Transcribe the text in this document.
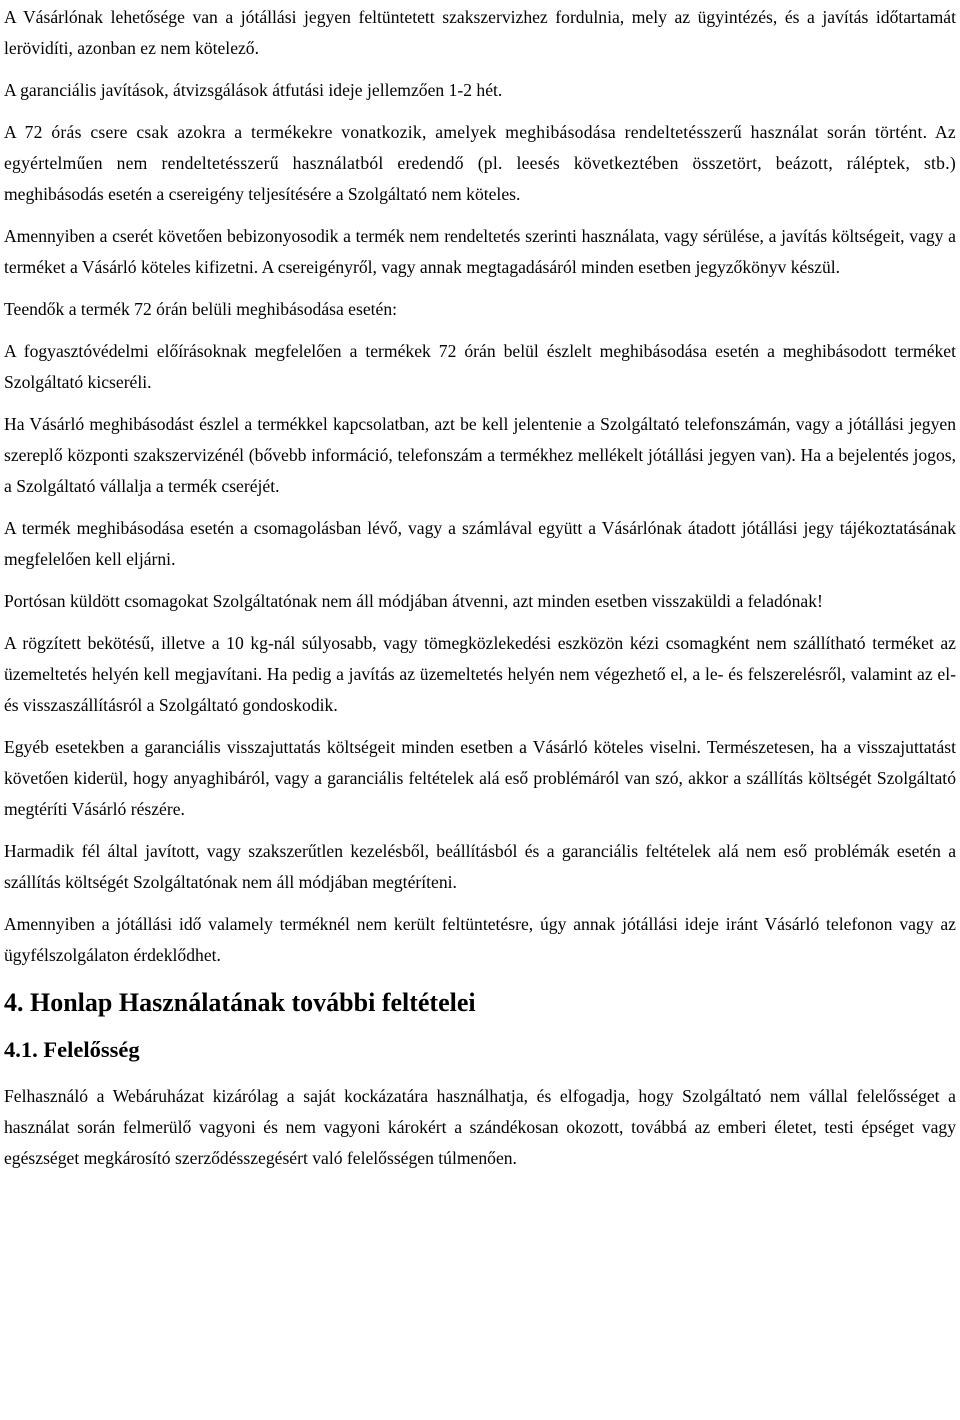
A Vásárlónak lehetősége van a jótállási jegyen feltüntetett szakszervizhez fordulnia, mely az ügyintézés, és a javítás időtartamát lerövidíti, azonban ez nem kötelező.

A garanciális javítások, átvizsgálások átfutási ideje jellemzően 1-2 hét.

A 72 órás csere csak azokra a termékekre vonatkozik, amelyek meghibásodása rendeltetésszerű használat során történt. Az egyértelműen nem rendeltetésszerű használatból eredendő (pl. leesés következtében összetört, beázott, ráléptek, stb.) meghibásodás esetén a csereigény teljesítésére a Szolgáltató nem köteles.

Amennyiben a cserét követően bebizonyosodik a termék nem rendeltetés szerinti használata, vagy sérülése, a javítás költségeit, vagy a terméket a Vásárló köteles kifizetni. A csereigényről, vagy annak megtagadásáról minden esetben jegyzőkönyv készül.

Teendők a termék 72 órán belüli meghibásodása esetén:

A fogyasztóvédelmi előírásoknak megfelelően a termékek 72 órán belül észlelt meghibásodása esetén a meghibásodott terméket Szolgáltató kicseréli.

Ha Vásárló meghibásodást észlel a termékkel kapcsolatban, azt be kell jelentenie a Szolgáltató telefonszámán, vagy a jótállási jegyen szereplő központi szakszervizénél (bővebb információ, telefonszám a termékhez mellékelt jótállási jegyen van). Ha a bejelentés jogos, a Szolgáltató vállalja a termék cseréjét.

A termék meghibásodása esetén a csomagolásban lévő, vagy a számlával együtt a Vásárlónak átadott jótállási jegy tájékoztatásának megfelelően kell eljárni.

Portósan küldött csomagokat Szolgáltatónak nem áll módjában átvenni, azt minden esetben visszaküldi a feladónak!

A rögzített bekötésű, illetve a 10 kg-nál súlyosabb, vagy tömegközlekedési eszközön kézi csomagként nem szállítható terméket az üzemeltetés helyén kell megjavítani. Ha pedig a javítás az üzemeltetés helyén nem végezhető el, a le- és felszerelésről, valamint az el- és visszaszállításról a Szolgáltató gondoskodik.

Egyéb esetekben a garanciális visszajuttatás költségeit minden esetben a Vásárló köteles viselni. Természetesen, ha a visszajuttatást követően kiderül, hogy anyaghibáról, vagy a garanciális feltételek alá eső problémáról van szó, akkor a szállítás költségét Szolgáltató megtéríti Vásárló részére.

Harmadik fél által javított, vagy szakszerűtlen kezelésből, beállításból és a garanciális feltételek alá nem eső problémák esetén a szállítás költségét Szolgáltatónak nem áll módjában megtéríteni.

Amennyiben a jótállási idő valamely terméknél nem került feltüntetésre, úgy annak jótállási ideje iránt Vásárló telefonon vagy az ügyfélszolgálaton érdeklődhet.

4. Honlap Használatának további feltételei
4.1. Felelősség

Felhasználó a Webáruházat kizárólag a saját kockázatára használhatja, és elfogadja, hogy Szolgáltató nem vállal felelősséget a használat során felmerülő vagyoni és nem vagyoni károkért a szándékosan okozott, továbbá az emberi életet, testi épséget vagy egészséget megkárosító szerződésszegésért való felelősségen túlmenően.
